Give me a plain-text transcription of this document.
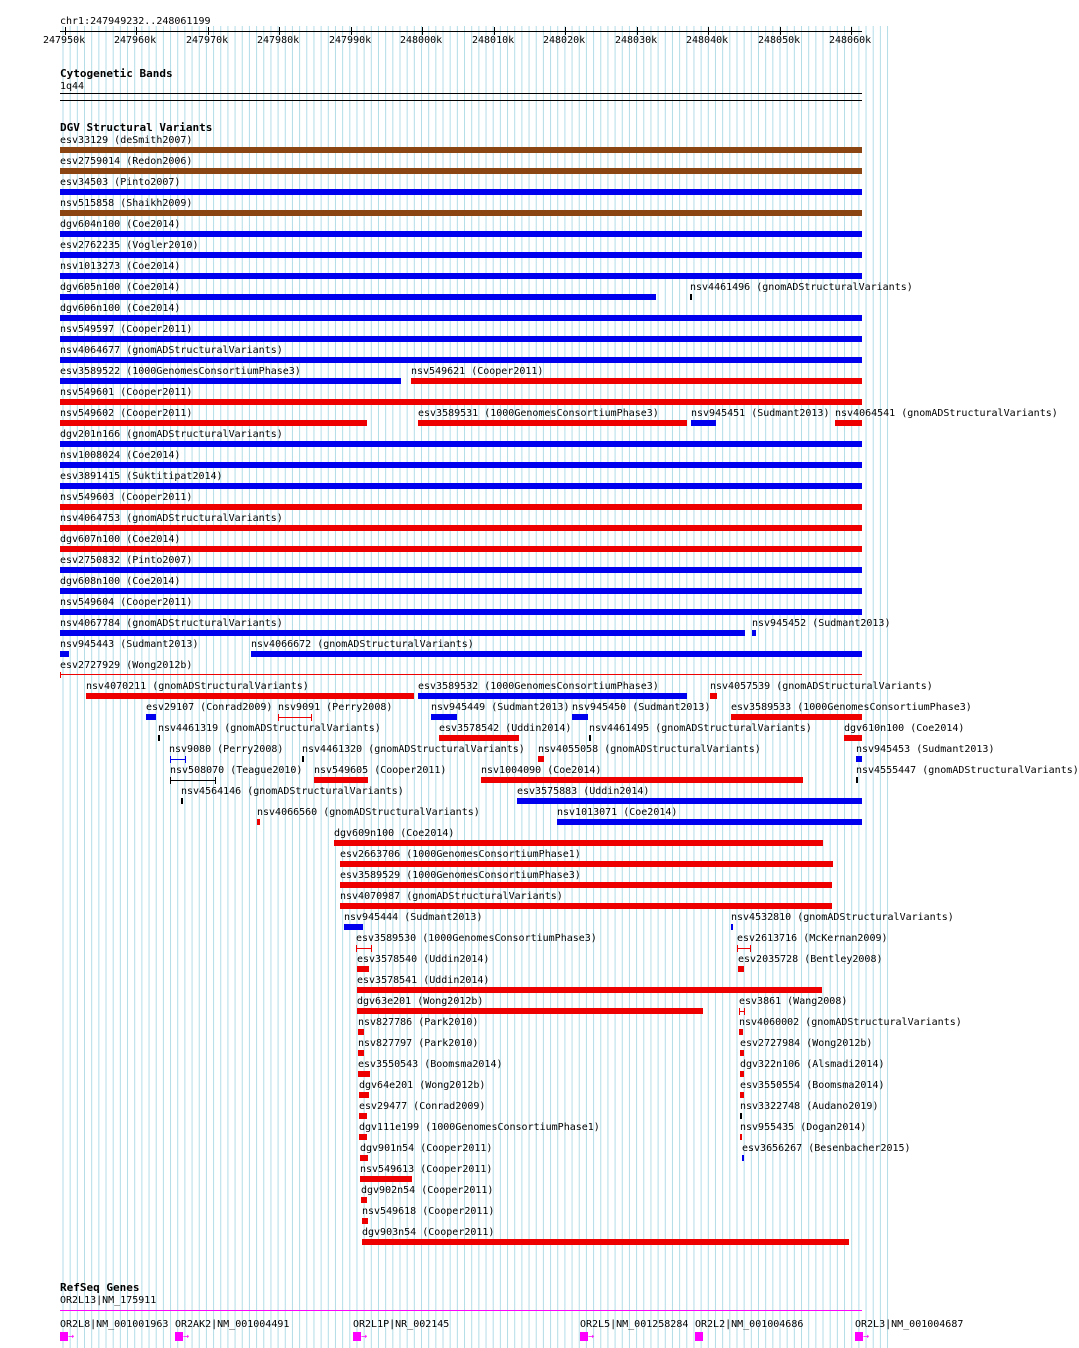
chr1:247949232..248061199
247950k	247960k	247970k	247980k	247990k	248000k	248010k	248020k	248030k	248040k	248050k	248060k
Cytogenetic Bands
1q44
DGV Structural Variants
esv33129 (deSmith2007)
esv2759014 (Redon2006)
esv34503 (Pinto2007)
nsv515858 (Shaikh2009)
dgv604n100 (Coe2014)
esv2762235 (Vogler2010)
nsv1013273 (Coe2014)
dgv605n100 (Coe2014)
dgv606n100 (Coe2014)
nsv549597 (Cooper2011)
nsv4064677 (gnomADStructuralVariants)
esv3589522 (1000GenomesConsortiumPhase3)
nsv549601 (Cooper2011)
nsv549602 (Cooper2011)
dgv201n166 (gnomADStructuralVariants)
nsv1008024 (Coe2014)
esv3891415 (Suktitipat2014)
nsv549603 (Cooper2011)
nsv4064753 (gnomADStructuralVariants)
dgv607n100 (Coe2014)
esv2750832 (Pinto2007)
dgv608n100 (Coe2014)
nsv549604 (Cooper2011)
nsv4067784 (gnomADStructuralVariants)
nsv945443 (Sudmant2013)
esv2727929 (Wong2012b)
nsv4461496 (gnomADStructuralVariants)
nsv549621 (Cooper2011)
esv3589531 (1000GenomesConsortiumPhase3)	nsv945451 (Sudmant2013) nsv4064541 (gnomADStructuralVariants)
nsv945452 (Sudmant2013)
nsv4066672 (gnomADStructuralVariants)
nsv4070211 (gnomADStructuralVariants)	esv3589532 (1000GenomesConsortiumPhase3)	nsv4057539 (gnomADStructuralVariants)
esv29107 (Conrad2009) nsv9091 (Perry2008)	nsv945449 (Sudmant2013) nsv945450 (Sudmant2013) esv3589533 (1000GenomesConsortiumPhase3)
nsv4461319 (gnomADStructuralVariants)	esv3578542 (Uddin2014) nsv4461495 (gnomADStructuralVariants)	dgv610n100 (Coe2014)
nsv9080 (Perry2008) nsv4461320 (gnomADStructuralVariants) nsv4055058 (gnomADStructuralVariants)	nsv945453 (Sudmant2013)
nsv508070 (Teague2010) nsv549605 (Cooper2011)	nsv1004090 (Coe2014)	nsv4555447 (gnomADStructuralVariants)
nsv4564146 (gnomADStructuralVariants)	esv3575883 (Uddin2014)
nsv4066560 (gnomADStructuralVariants)	nsv1013071 (Coe2014)
dgv609n100 (Coe2014)
esv2663706 (1000GenomesConsortiumPhase1)
esv3589529 (1000GenomesConsortiumPhase3)
nsv4070987 (gnomADStructuralVariants)
nsv945444 (Sudmant2013)	nsv4532810 (gnomADStructuralVariants)
esv3589530 (1000GenomesConsortiumPhase3)	esv2613716 (McKernan2009)
esv3578540 (Uddin2014)	esv2035728 (Bentley2008)
esv3578541 (Uddin2014)
dgv63e201 (Wong2012b)	esv3861 (Wang2008)
nsv827786 (Park2010)	nsv4060002 (gnomADStructuralVariants)
nsv827797 (Park2010)	esv2727984 (Wong2012b)
esv3550543 (Boomsma2014)	dgv322n106 (Alsmadi2014)
dgv64e201 (Wong2012b)	esv3550554 (Boomsma2014)
esv29477 (Conrad2009)	nsv3322748 (Audano2019)
dgv111e199 (1000GenomesConsortiumPhase1)	nsv955435 (Dogan2014)
dgv901n54 (Cooper2011)	esv3656267 (Besenbacher2015)
nsv549613 (Cooper2011)
dgv902n54 (Cooper2011)
nsv549618 (Cooper2011)
dgv903n54 (Cooper2011)
RefSeq Genes
OR2L13|NM_175911
OR2L8|NM_001001963
→
OR2AK2|NM_001004491
→
OR2L1P|NR_002145
→
OR2L5|NM_001258284
→
OR2L2|NM_001004686	OR2L3|NM_001004687
→
